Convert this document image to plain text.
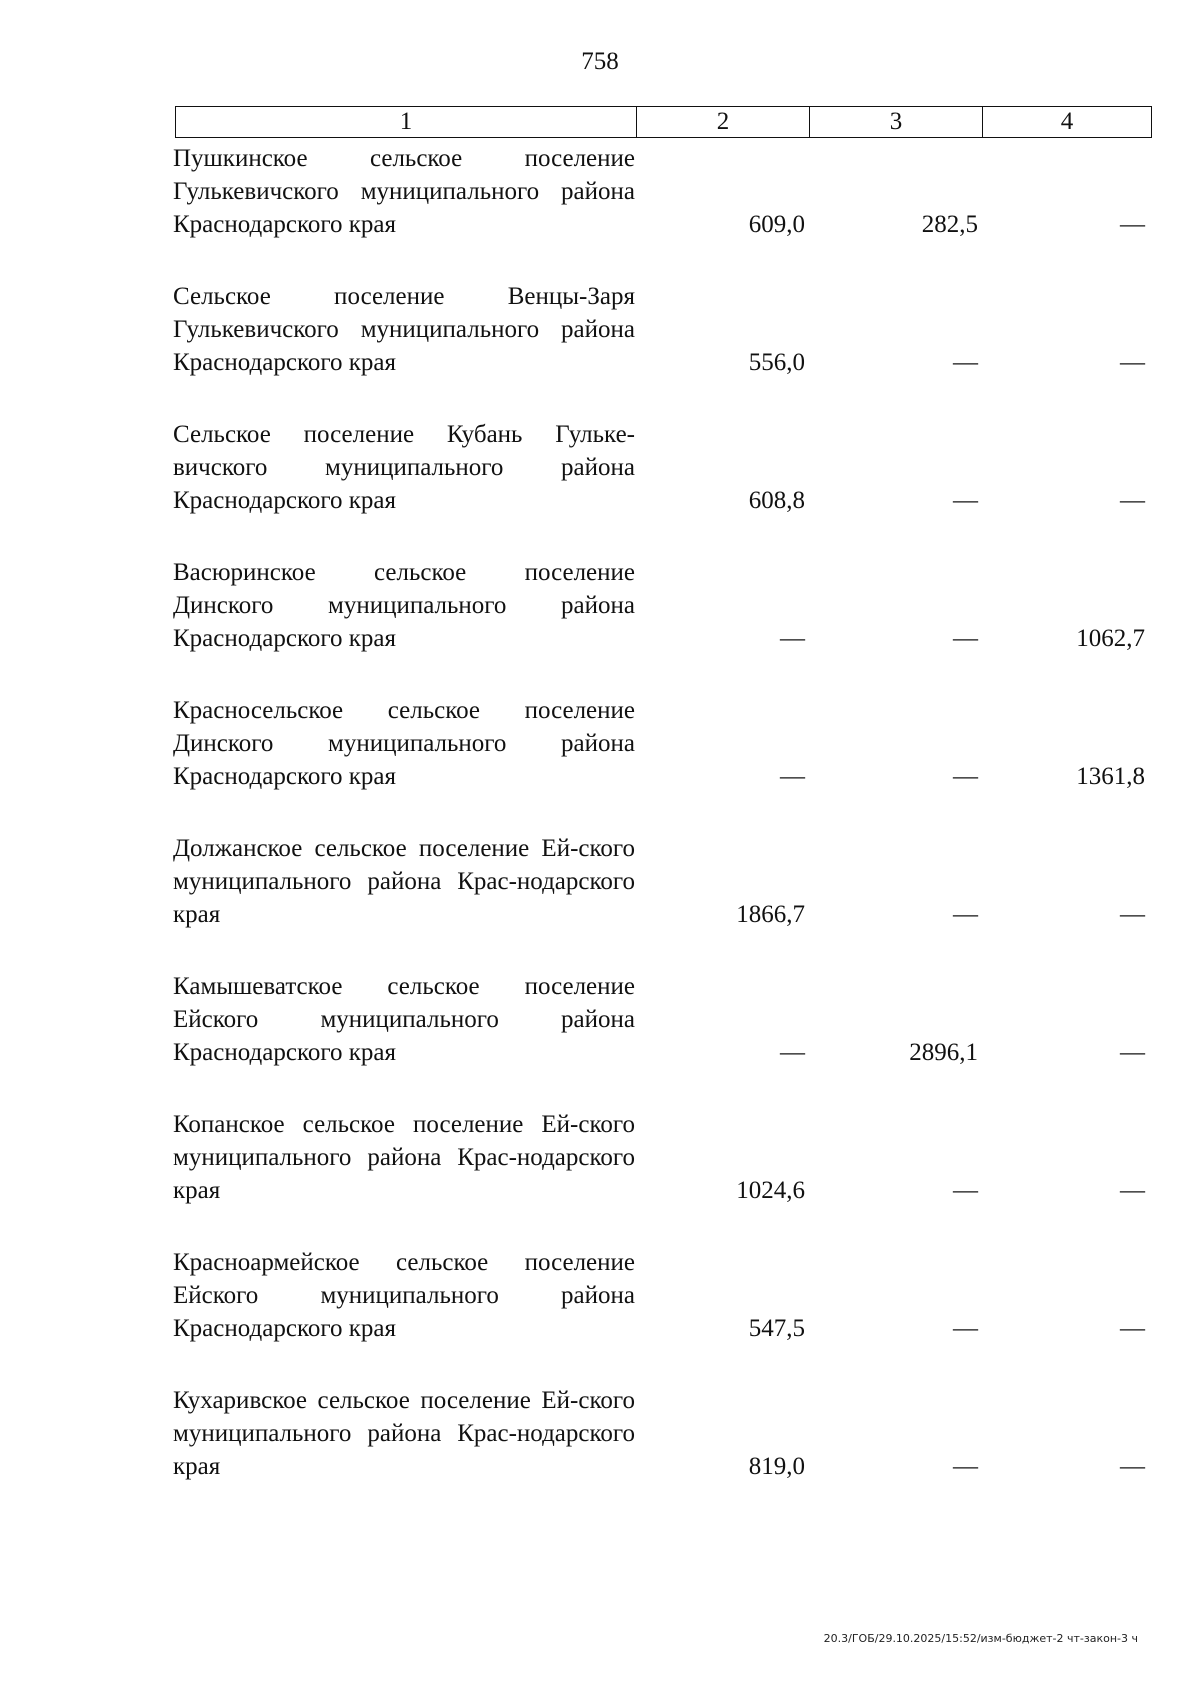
758
1	2	3	4
Пушкинское сельское поселение Гулькевичского муниципального района Краснодарского края	609,0	282,5	—
Сельское поселение Венцы-Заря Гулькевичского муниципального района Краснодарского края	556,0	—	—
Сельское поселение Кубань Гульке-вичского муниципального района Краснодарского края	608,8	—	—
Васюринское сельское поселение Динского муниципального района Краснодарского края	—	—	1062,7
Красносельское сельское поселение Динского муниципального района Краснодарского края	—	—	1361,8
Должанское сельское поселение Ей-ского муниципального района Крас-нодарского края	1866,7	—	—
Камышеватское сельское поселение Ейского муниципального района Краснодарского края	—	2896,1	—
Копанское сельское поселение Ей-ского муниципального района Крас-нодарского края	1024,6	—	—
Красноармейское сельское поселение Ейского муниципального района Краснодарского края	547,5	—	—
Кухаривское сельское поселение Ей-ского муниципального района Крас-нодарского края	819,0	—	—
20.3/ГОБ/29.10.2025/15:52/изм-бюджет-2 чт-закон-3 ч
